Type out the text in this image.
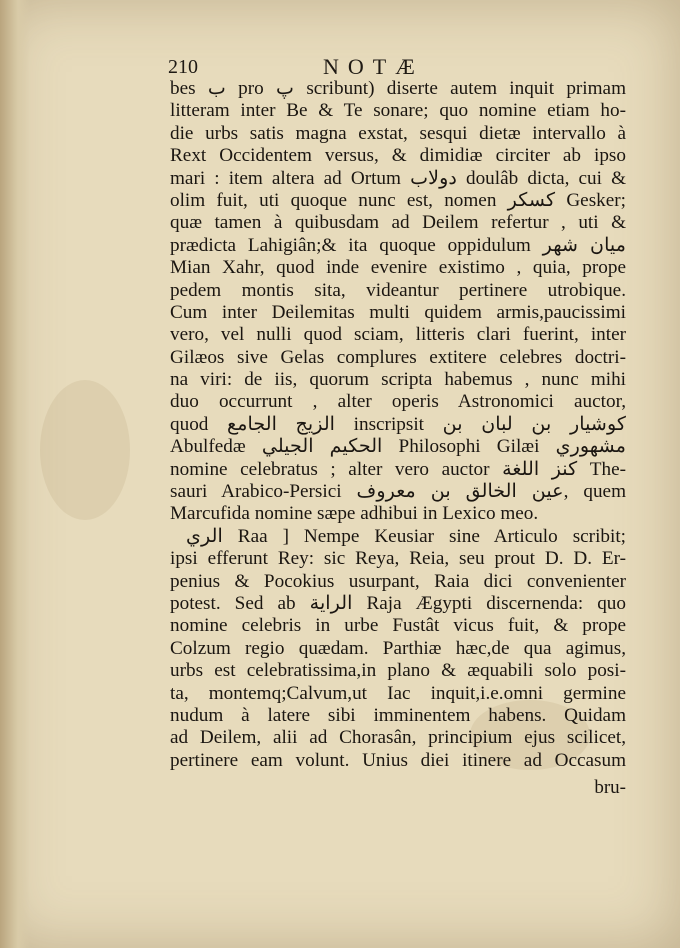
210	NOTÆ
bes ب pro پ scribunt) diserte autem inquit primam
litteram inter Be & Te sonare; quo nomine etiam ho-
die urbs satis magna exstat, sesqui dietæ intervallo à
Rext Occidentem versus, & dimidiæ circiter ab ipso
mari : item altera ad Ortum دولاب doulâb dicta, cui &
olim fuit, uti quoque nunc est, nomen كسكر Gesker;
quæ tamen à quibusdam ad Deilem refertur , uti &
prædicta Lahigiân;& ita quoque oppidulum ميان شهر
Mian Xahr, quod inde evenire existimo , quia, prope
pedem montis sita, videantur pertinere utrobique.
Cum inter Deilemitas multi quidem armis,paucissimi
vero, vel nulli quod sciam, litteris clari fuerint, inter
Gilæos sive Gelas complures extitere celebres doctri-
na viri: de iis, quorum scripta habemus , nunc mihi
duo occurrunt , alter operis Astronomici auctor,
quod الزيج الجامع inscripsit كوشيار بن لبان بن
Abulfedæ الحكيم الجيلي Philosophi Gilæi مشهوري
nomine celebratus ; alter vero auctor كنز اللغة The-
sauri Arabico-Persici عين الخالق بن معروف, quem
Marcufida nomine sæpe adhibui in Lexico meo.
الري Raa ] Nempe Keusiar sine Articulo scribit;
ipsi efferunt Rey: sic Reya, Reia, seu prout D. D. Er-
penius & Pocokius usurpant, Raia dici convenienter
potest. Sed ab الراية Raja Ægypti discernenda: quo
nomine celebris in urbe Fustât vicus fuit, & prope
Colzum regio quædam. Parthiæ hæc,de qua agimus,
urbs est celebratissima,in plano & æquabili solo posi-
ta, montemq;Calvum,ut Iac inquit,i.e.omni germine
nudum à latere sibi imminentem habens. Quidam
ad Deilem, alii ad Chorasân, principium ejus scilicet,
pertinere eam volunt. Unius diei itinere ad Occasum
bru-
